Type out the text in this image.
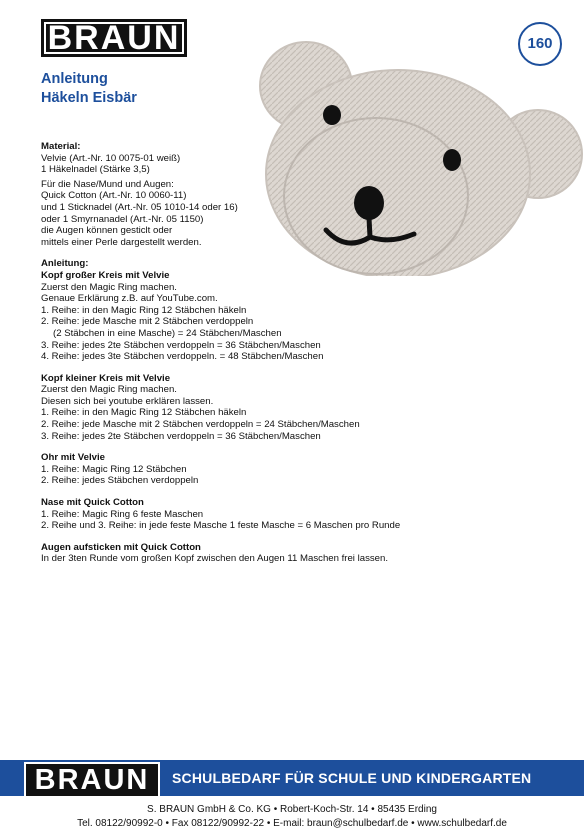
BRAUN	160
Anleitung
Häkeln Eisbär
Material:
Velvie (Art.-Nr. 10 0075-01 weiß)
1 Häkelnadel (Stärke 3,5)
Für die Nase/Mund und Augen:
Quick Cotton (Art.-Nr. 10 0060-11)
und 1 Sticknadel (Art.-Nr. 05 1010-14 oder 16)
oder 1 Smyrnanadel (Art.-Nr. 05 1150)
die Augen können gesticlt oder
mittels einer Perle dargestellt werden.
Anleitung:
Kopf großer Kreis mit Velvie
Zuerst den Magic Ring machen.
Genaue Erklärung z.B. auf YouTube.com.
1. Reihe: in den Magic Ring 12 Stäbchen häkeln
2. Reihe: jede Masche mit 2 Stäbchen verdoppeln
(2 Stäbchen in eine Masche) = 24 Stäbchen/Maschen
3. Reihe: jedes 2te Stäbchen verdoppeln = 36 Stäbchen/Maschen
4. Reihe: jedes 3te Stäbchen verdoppeln. = 48 Stäbchen/Maschen
Kopf kleiner Kreis mit Velvie
Zuerst den Magic Ring machen.
Diesen sich bei youtube erklären lassen.
1. Reihe: in den Magic Ring 12 Stäbchen häkeln
2. Reihe: jede Masche mit 2 Stäbchen verdoppeln = 24 Stäbchen/Maschen
3. Reihe: jedes 2te Stäbchen verdoppeln = 36 Stäbchen/Maschen
Ohr mit Velvie
1. Reihe: Magic Ring 12 Stäbchen
2. Reihe: jedes Stäbchen verdoppeln
Nase mit Quick Cotton
1. Reihe: Magic Ring 6 feste Maschen
2. Reihe und 3. Reihe: in jede feste Masche 1 feste Masche = 6 Maschen pro Runde
Augen aufsticken mit Quick Cotton
In der 3ten Runde vom großen Kopf zwischen den Augen 11 Maschen frei lassen.
BRAUN	SCHULBEDARF FÜR SCHULE UND KINDERGARTEN
S. BRAUN GmbH & Co. KG • Robert-Koch-Str. 14 • 85435 Erding
Tel. 08122/90992-0 • Fax 08122/90992-22 • E-mail: braun@schulbedarf.de • www.schulbedarf.de
